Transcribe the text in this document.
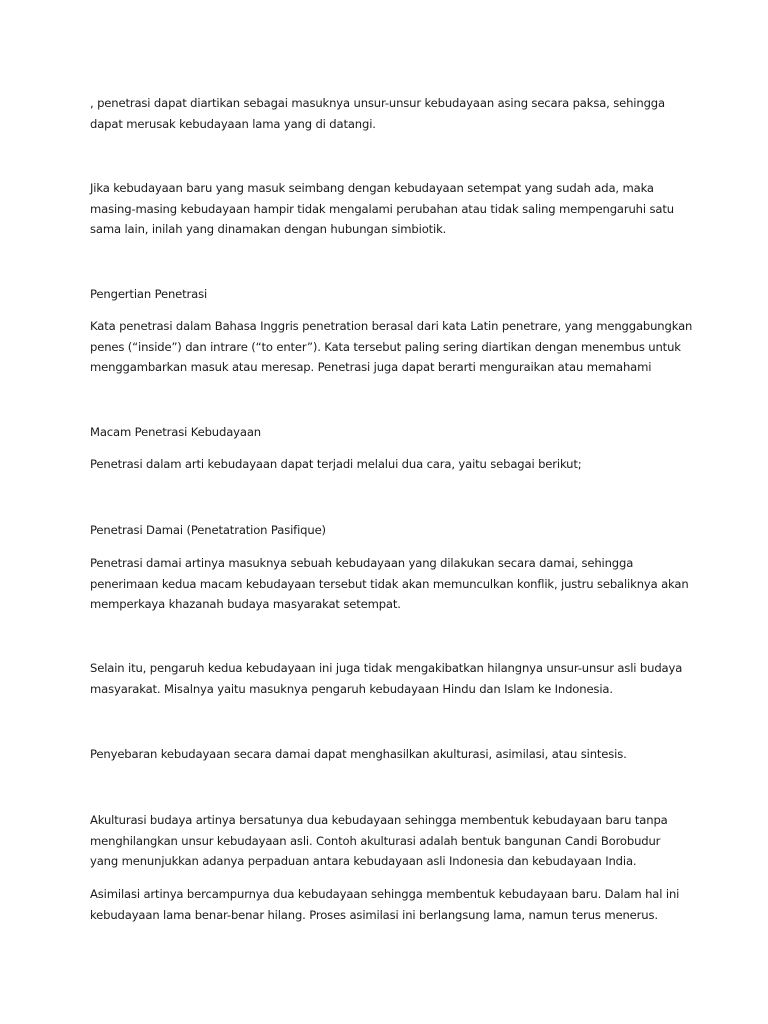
, penetrasi dapat diartikan sebagai masuknya unsur-unsur kebudayaan asing secara paksa, sehingga
dapat merusak kebudayaan lama yang di datangi.

Jika kebudayaan baru yang masuk seimbang dengan kebudayaan setempat yang sudah ada, maka
masing-masing kebudayaan hampir tidak mengalami perubahan atau tidak saling mempengaruhi satu
sama lain, inilah yang dinamakan dengan hubungan simbiotik.

Pengertian Penetrasi

Kata penetrasi dalam Bahasa Inggris penetration berasal dari kata Latin penetrare, yang menggabungkan
penes (“inside”) dan intrare (“to enter”). Kata tersebut paling sering diartikan dengan menembus untuk
menggambarkan masuk atau meresap. Penetrasi juga dapat berarti menguraikan atau memahami

Macam Penetrasi Kebudayaan

Penetrasi dalam arti kebudayaan dapat terjadi melalui dua cara, yaitu sebagai berikut;

Penetrasi Damai (Penetatration Pasifique)

Penetrasi damai artinya masuknya sebuah kebudayaan yang dilakukan secara damai, sehingga
penerimaan kedua macam kebudayaan tersebut tidak akan memunculkan konflik, justru sebaliknya akan
memperkaya khazanah budaya masyarakat setempat.

Selain itu, pengaruh kedua kebudayaan ini juga tidak mengakibatkan hilangnya unsur-unsur asli budaya
masyarakat. Misalnya yaitu masuknya pengaruh kebudayaan Hindu dan Islam ke Indonesia.

Penyebaran kebudayaan secara damai dapat menghasilkan akulturasi, asimilasi, atau sintesis.

Akulturasi budaya artinya bersatunya dua kebudayaan sehingga membentuk kebudayaan baru tanpa
menghilangkan unsur kebudayaan asli. Contoh akulturasi adalah bentuk bangunan Candi Borobudur
yang menunjukkan adanya perpaduan antara kebudayaan asli Indonesia dan kebudayaan India.

Asimilasi artinya bercampurnya dua kebudayaan sehingga membentuk kebudayaan baru. Dalam hal ini
kebudayaan lama benar-benar hilang. Proses asimilasi ini berlangsung lama, namun terus menerus.
